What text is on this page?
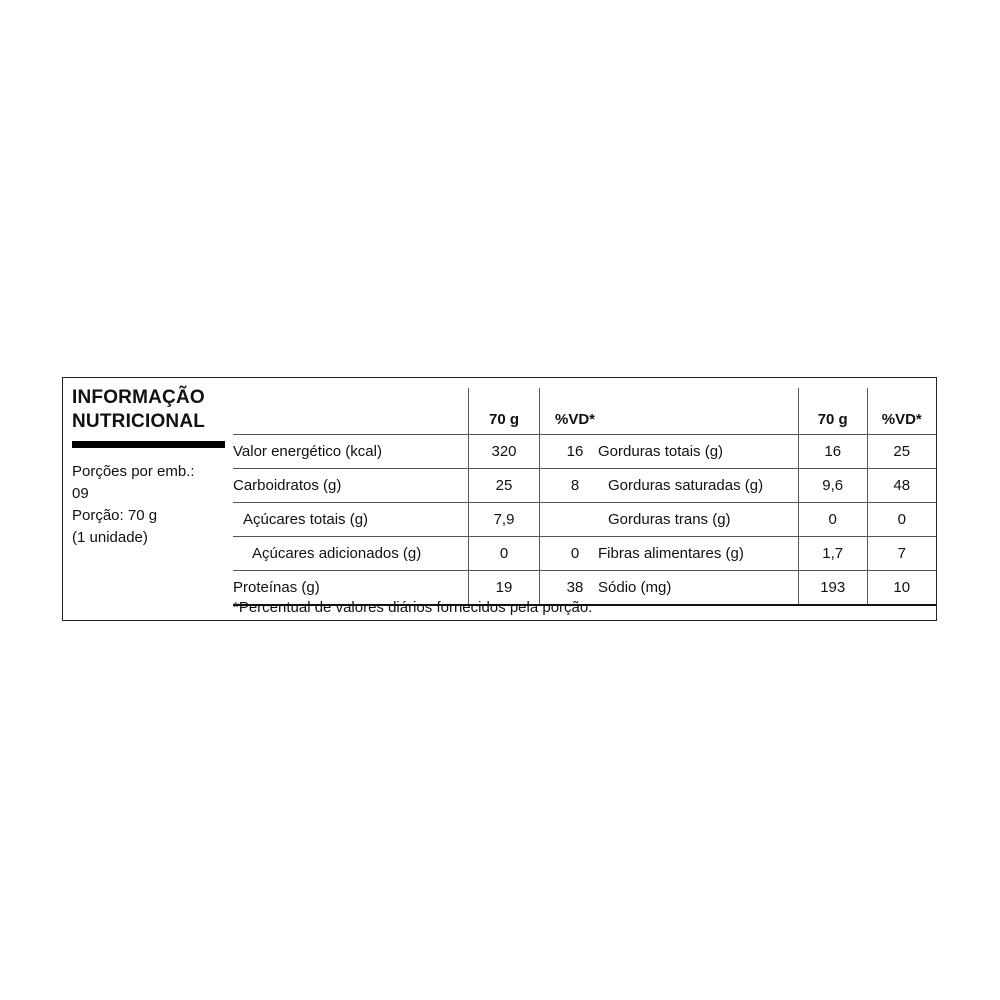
INFORMAÇÃO
NUTRICIONAL
Porções por emb.:
09
Porção: 70 g
(1 unidade)
	70 g	%VD*
Valor energético (kcal)	320	16
Carboidratos (g)	25	8
Açúcares totais (g)	7,9	
Açúcares adicionados (g)	0	0
Proteínas (g)	19	38
	70 g	%VD*
Gorduras totais (g)	16	25
Gorduras saturadas (g)	9,6	48
Gorduras trans (g)	0	0
Fibras alimentares (g)	1,7	7
Sódio (mg)	193	10
*Percentual de valores diários fornecidos pela porção.
